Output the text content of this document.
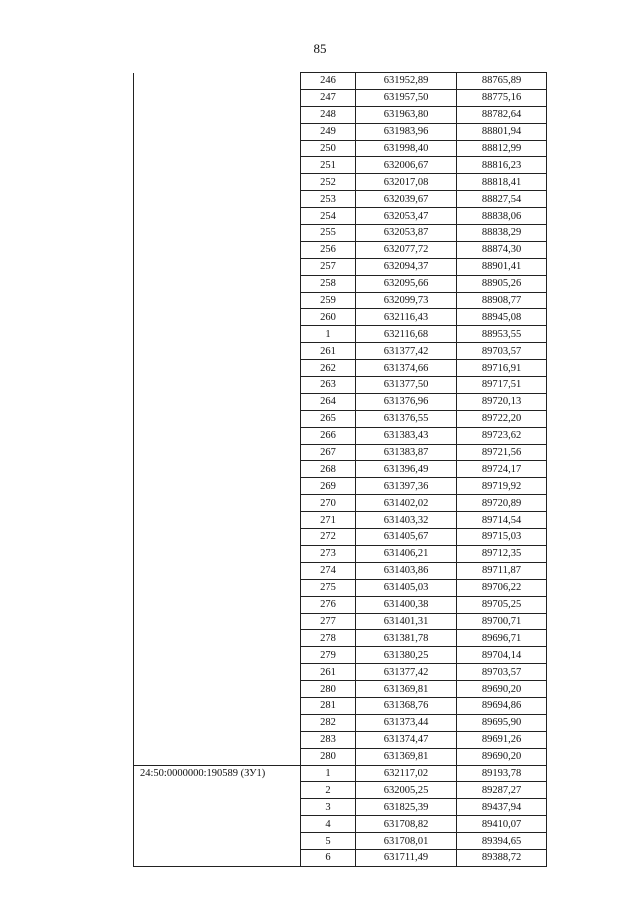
85
	246	631952,89	88765,89
	247	631957,50	88775,16
	248	631963,80	88782,64
	249	631983,96	88801,94
	250	631998,40	88812,99
	251	632006,67	88816,23
	252	632017,08	88818,41
	253	632039,67	88827,54
	254	632053,47	88838,06
	255	632053,87	88838,29
	256	632077,72	88874,30
	257	632094,37	88901,41
	258	632095,66	88905,26
	259	632099,73	88908,77
	260	632116,43	88945,08
	1	632116,68	88953,55
	261	631377,42	89703,57
	262	631374,66	89716,91
	263	631377,50	89717,51
	264	631376,96	89720,13
	265	631376,55	89722,20
	266	631383,43	89723,62
	267	631383,87	89721,56
	268	631396,49	89724,17
	269	631397,36	89719,92
	270	631402,02	89720,89
	271	631403,32	89714,54
	272	631405,67	89715,03
	273	631406,21	89712,35
	274	631403,86	89711,87
	275	631405,03	89706,22
	276	631400,38	89705,25
	277	631401,31	89700,71
	278	631381,78	89696,71
	279	631380,25	89704,14
	261	631377,42	89703,57
	280	631369,81	89690,20
	281	631368,76	89694,86
	282	631373,44	89695,90
	283	631374,47	89691,26
	280	631369,81	89690,20
24:50:0000000:190589 (ЗУ1)	1	632117,02	89193,78
	2	632005,25	89287,27
	3	631825,39	89437,94
	4	631708,82	89410,07
	5	631708,01	89394,65
	6	631711,49	89388,72
